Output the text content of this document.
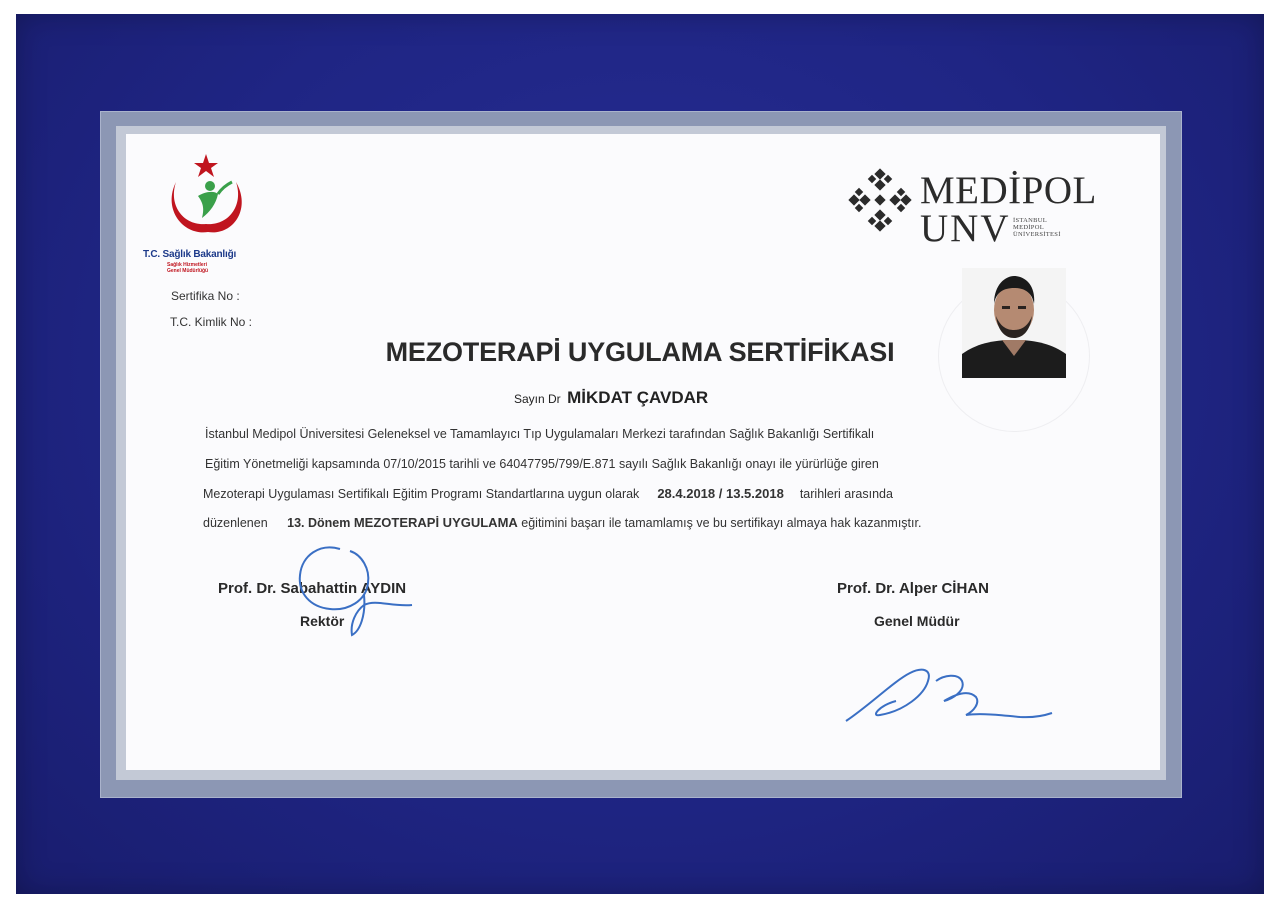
T.C. Sağlık Bakanlığı
Sağlık Hizmetleri
Genel Müdürlüğü
Sertifika No :
T.C. Kimlik No :
MEDİPOL
UNV İSTANBUL
MEDİPOL
ÜNİVERSİTESİ
MEZOTERAPİ UYGULAMA SERTİFİKASI
Sayın Dr MİKDAT ÇAVDAR
İstanbul Medipol Üniversitesi Geleneksel ve Tamamlayıcı Tıp Uygulamaları Merkezi tarafından Sağlık Bakanlığı Sertifikalı
Eğitim Yönetmeliği kapsamında 07/10/2015 tarihli ve 64047795/799/E.871 sayılı Sağlık Bakanlığı onayı ile yürürlüğe giren
Mezoterapi Uygulaması Sertifikalı Eğitim Programı Standartlarına uygun olarak 28.4.2018 / 13.5.2018 tarihleri arasında
düzenlenen 13. Dönem MEZOTERAPİ UYGULAMA eğitimini başarı ile tamamlamış ve bu sertifikayı almaya hak kazanmıştır.
Prof. Dr. Sabahattin AYDIN
Rektör
Prof. Dr. Alper CİHAN
Genel Müdür
